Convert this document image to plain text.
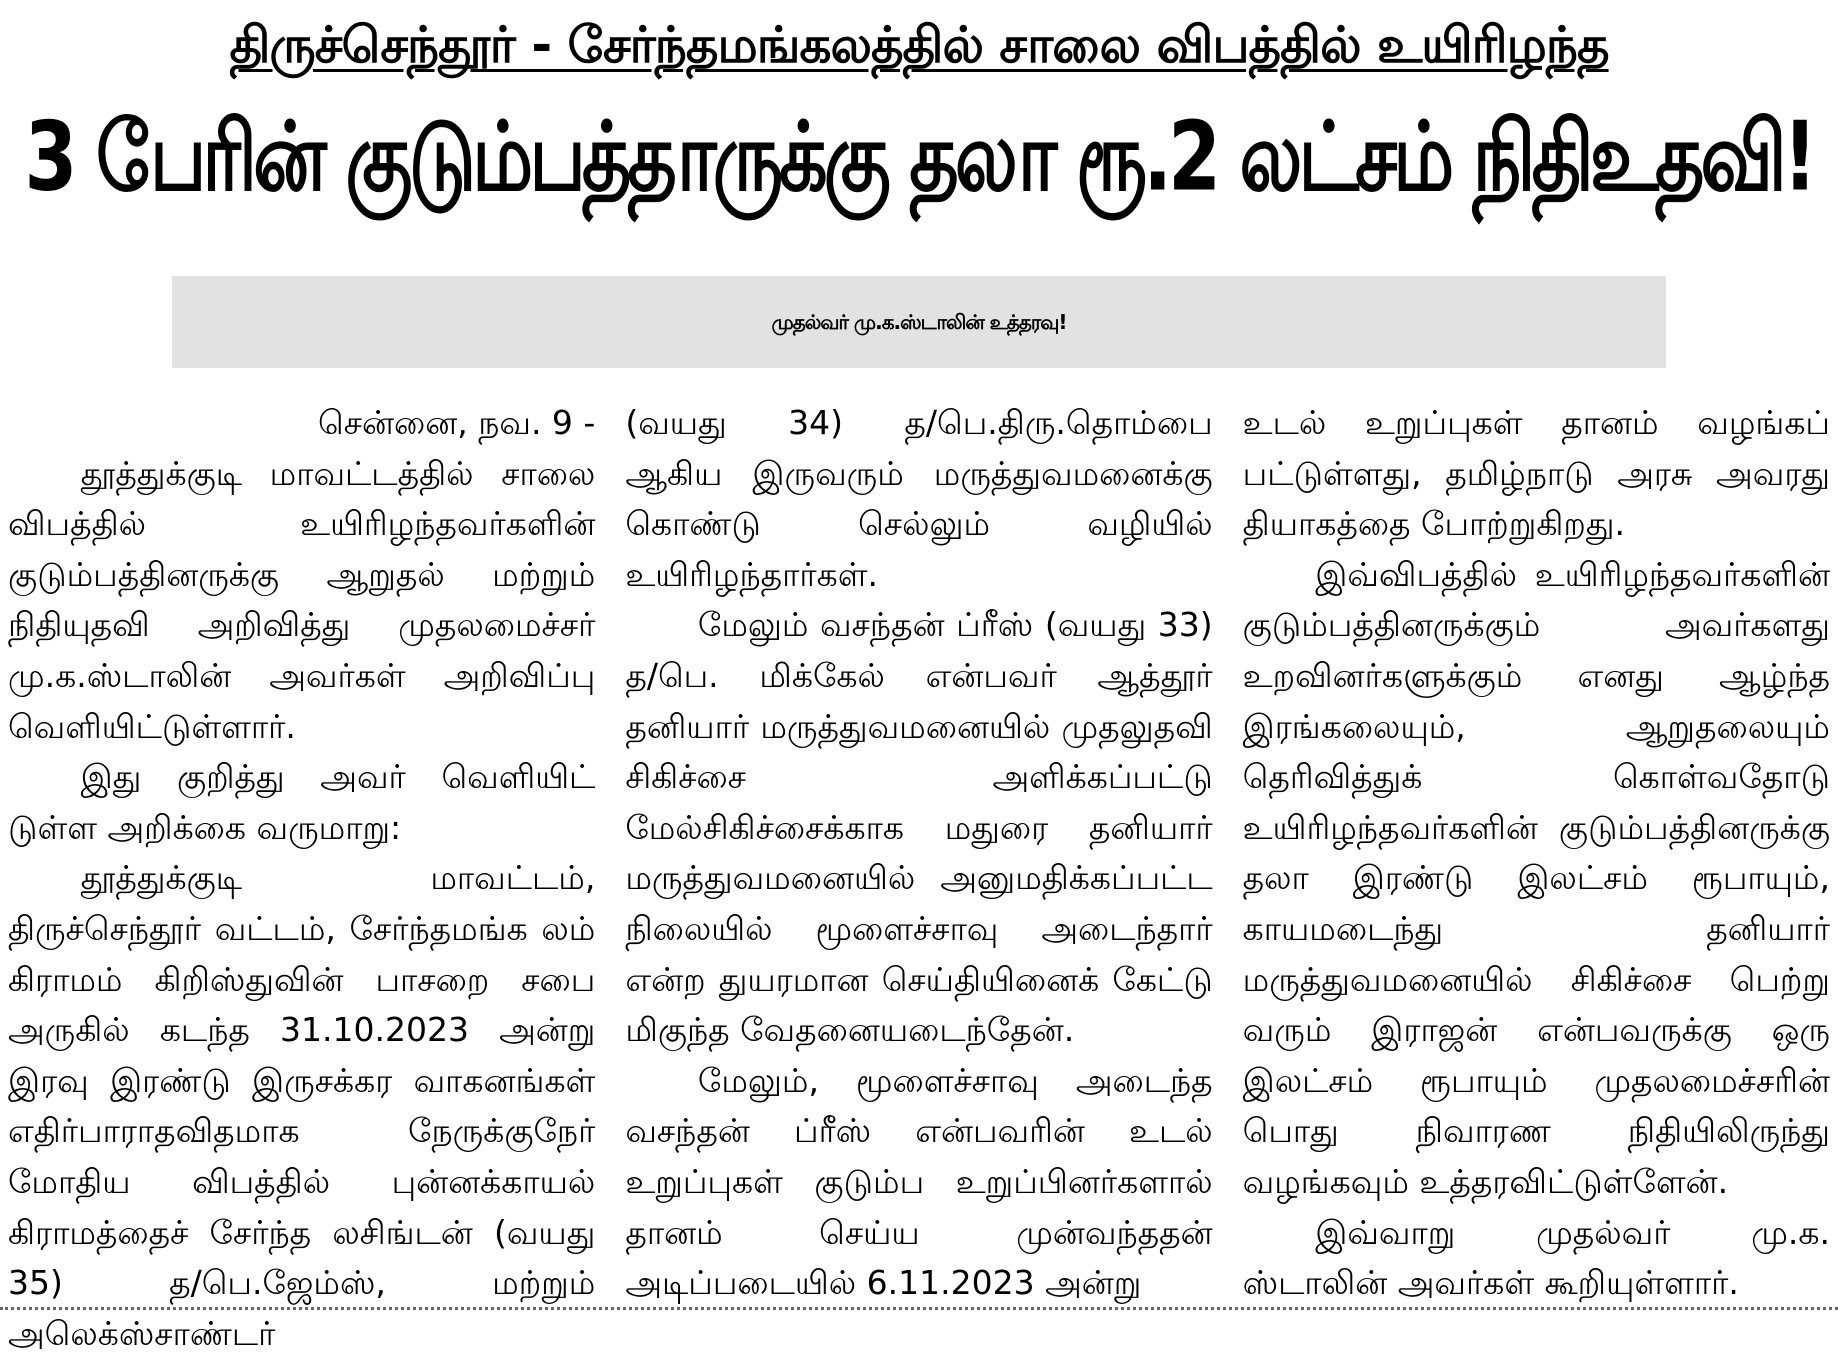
திருச்செந்தூர் - சேர்ந்தமங்கலத்தில் சாலை விபத்தில் உயிரிழந்த
3 பேரின் குடும்பத்தாருக்கு தலா ரூ.2 லட்சம் நிதிஉதவி!
முதல்வர் மு.க.ஸ்டாலின் உத்தரவு!

சென்னை, நவ. 9 -

தூத்துக்குடி மாவட்டத்தில் சாலை விபத்தில் உயிரிழந்தவர்களின் குடும்பத்தினருக்கு ஆறுதல் மற்றும் நிதியுதவி அறிவித்து முதலமைச்சர் மு.க.ஸ்டாலின் அவர்கள் அறிவிப்பு வெளியிட்டுள்ளார்.

இது குறித்து அவர் வெளியிட் டுள்ள அறிக்கை வருமாறு:

தூத்துக்குடி மாவட்டம், திருச்செந்தூர் வட்டம், சேர்ந்தமங்க லம் கிராமம் கிறிஸ்துவின் பாசறை சபை அருகில் கடந்த 31.10.2023 அன்று இரவு இரண்டு இருசக்கர வாகனங்கள் எதிர்பாராதவிதமாக நேருக்குநேர் மோதிய விபத்தில் புன்னக்காயல் கிராமத்தைச் சேர்ந்த லசிங்டன் (வயது 35) த/பெ.ஜேம்ஸ், மற்றும் அலெக்ஸ்சாண்டர்

(வயது 34) த/பெ.திரு.தொம்பை ஆகிய இருவரும் மருத்துவமனைக்கு கொண்டு செல்லும் வழியில் உயிரிழந்தார்கள்.

மேலும் வசந்தன் ப்ரீஸ் (வயது 33) த/பெ. மிக்கேல் என்பவர் ஆத்தூர் தனியார் மருத்துவமனையில் முதலுதவி சிகிச்சை அளிக்கப்பட்டு மேல்சிகிச்சைக்காக மதுரை தனியார் மருத்துவமனையில் அனுமதிக்கப்பட்ட நிலையில் மூளைச்சாவு அடைந்தார் என்ற துயரமான செய்தியினைக் கேட்டு மிகுந்த வேதனையடைந்தேன்.

மேலும், மூளைச்சாவு அடைந்த வசந்தன் ப்ரீஸ் என்பவரின் உடல் உறுப்புகள் குடும்ப உறுப்பினர்களால் தானம் செய்ய முன்வந்ததன் அடிப்படையில் 6.11.2023 அன்று

உடல் உறுப்புகள் தானம் வழங்கப் பட்டுள்ளது, தமிழ்நாடு அரசு அவரது தியாகத்தை போற்றுகிறது.

இவ்விபத்தில் உயிரிழந்தவர்களின் குடும்பத்தினருக்கும் அவர்களது உறவினர்களுக்கும் எனது ஆழ்ந்த இரங்கலையும், ஆறுதலையும் தெரிவித்துக் கொள்வதோடு உயிரிழந்தவர்களின் குடும்பத்தினருக்கு தலா இரண்டு இலட்சம் ரூபாயும், காயமடைந்து தனியார் மருத்துவமனையில் சிகிச்சை பெற்று வரும் இராஜன் என்பவருக்கு ஒரு இலட்சம் ரூபாயும் முதலமைச்சரின் பொது நிவாரண நிதியிலிருந்து வழங்கவும் உத்தரவிட்டுள்ளேன்.

இவ்வாறு முதல்வர் மு.க. ஸ்டாலின் அவர்கள் கூறியுள்ளார்.
